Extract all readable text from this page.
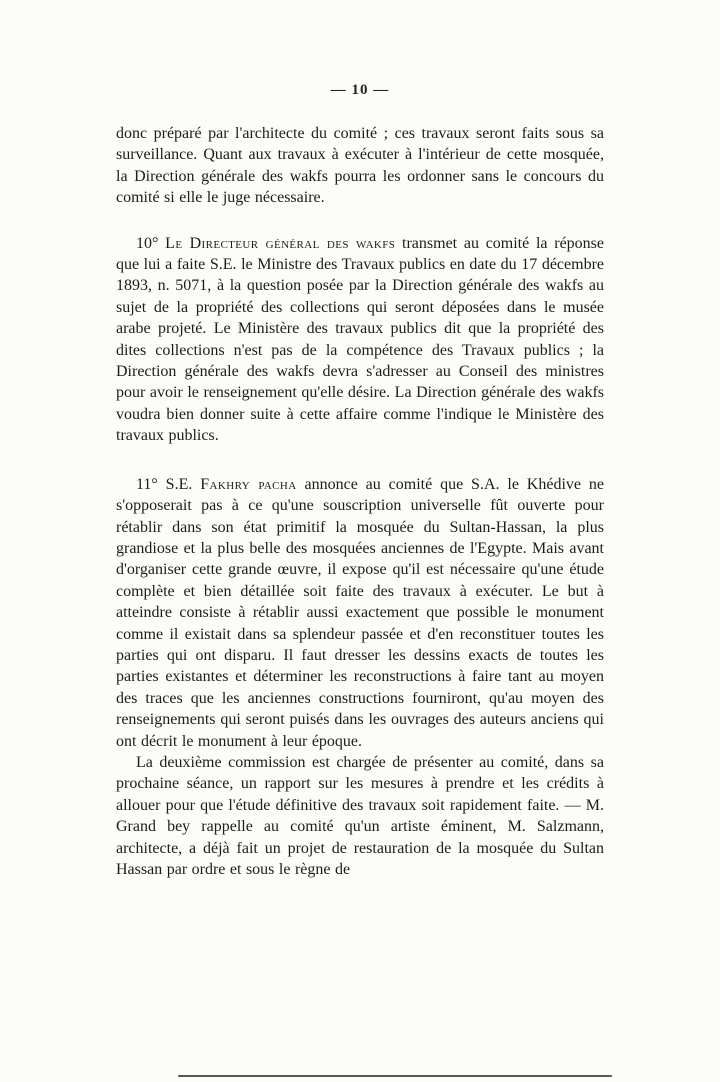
— 10 —

donc préparé par l'architecte du comité ; ces travaux seront faits sous sa surveillance. Quant aux travaux à exécuter à l'intérieur de cette mosquée, la Direction générale des wakfs pourra les ordonner sans le concours du comité si elle le juge nécessaire.

10° Le Directeur général des wakfs transmet au comité la réponse que lui a faite S.E. le Ministre des Travaux publics en date du 17 décembre 1893, n. 5071, à la question posée par la Direction générale des wakfs au sujet de la propriété des collections qui seront déposées dans le musée arabe projeté. Le Ministère des travaux publics dit que la propriété des dites collections n'est pas de la compétence des Travaux publics ; la Direction générale des wakfs devra s'adresser au Conseil des ministres pour avoir le renseignement qu'elle désire. La Direction générale des wakfs voudra bien donner suite à cette affaire comme l'indique le Ministère des travaux publics.

11° S.E. Fakhry pacha annonce au comité que S.A. le Khédive ne s'opposerait pas à ce qu'une souscription universelle fût ouverte pour rétablir dans son état primitif la mosquée du Sultan-Hassan, la plus grandiose et la plus belle des mosquées anciennes de l'Egypte. Mais avant d'organiser cette grande œuvre, il expose qu'il est nécessaire qu'une étude complète et bien détaillée soit faite des travaux à exécuter. Le but à atteindre consiste à rétablir aussi exactement que possible le monument comme il existait dans sa splendeur passée et d'en reconstituer toutes les parties qui ont disparu. Il faut dresser les dessins exacts de toutes les parties existantes et déterminer les reconstructions à faire tant au moyen des traces que les anciennes constructions fourniront, qu'au moyen des renseignements qui seront puisés dans les ouvrages des auteurs anciens qui ont décrit le monument à leur époque.

La deuxième commission est chargée de présenter au comité, dans sa prochaine séance, un rapport sur les mesures à prendre et les crédits à allouer pour que l'étude définitive des travaux soit rapidement faite. — M. Grand bey rappelle au comité qu'un artiste éminent, M. Salzmann, architecte, a déjà fait un projet de restauration de la mosquée du Sultan Hassan par ordre et sous le règne de
